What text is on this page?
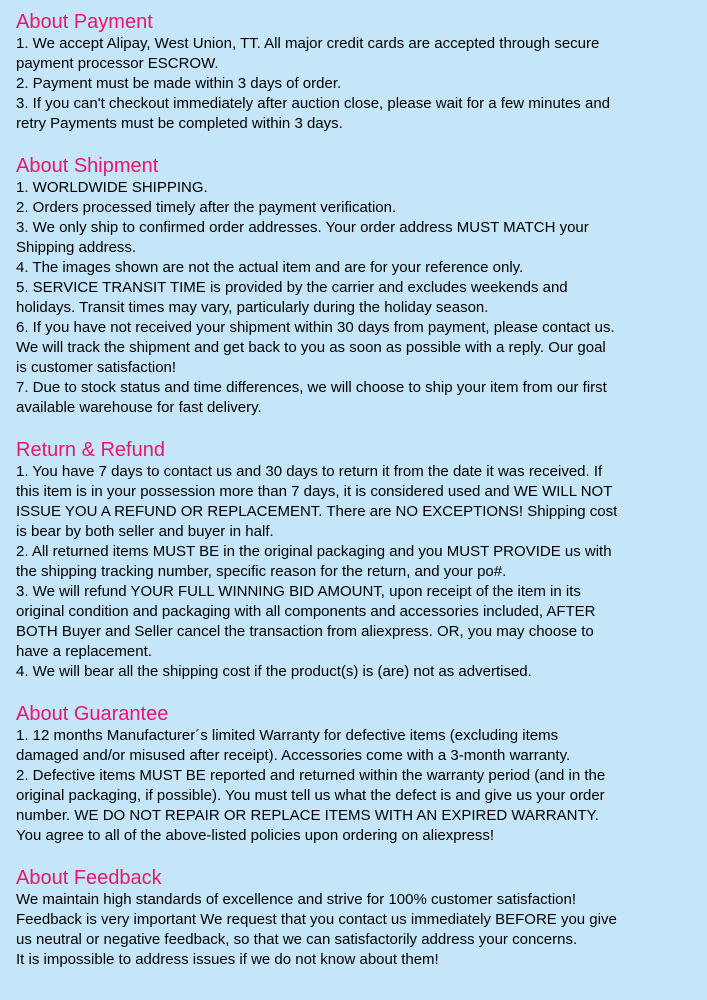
About Payment
1. We accept Alipay, West Union, TT. All major credit cards are accepted through secure
payment processor ESCROW.
2. Payment must be made within 3 days of order.
3. If you can't checkout immediately after auction close, please wait for a few minutes and
retry Payments must be completed within 3 days.
About Shipment
1. WORLDWIDE SHIPPING.
2. Orders processed timely after the payment verification.
3. We only ship to confirmed order addresses. Your order address MUST MATCH your
Shipping address.
4. The images shown are not the actual item and are for your reference only.
5. SERVICE TRANSIT TIME is provided by the carrier and excludes weekends and
holidays. Transit times may vary, particularly during the holiday season.
6. If you have not received your shipment within 30 days from payment, please contact us.
We will track the shipment and get back to you as soon as possible with a reply. Our goal
is customer satisfaction!
7. Due to stock status and time differences, we will choose to ship your item from our first
available warehouse for fast delivery.
Return & Refund
1. You have 7 days to contact us and 30 days to return it from the date it was received. If
this item is in your possession more than 7 days, it is considered used and WE WILL NOT
ISSUE YOU A REFUND OR REPLACEMENT. There are NO EXCEPTIONS! Shipping cost
is bear by both seller and buyer in half.
2. All returned items MUST BE in the original packaging and you MUST PROVIDE us with
the shipping tracking number, specific reason for the return, and your po#.
3. We will refund YOUR FULL WINNING BID AMOUNT, upon receipt of the item in its
original condition and packaging with all components and accessories included, AFTER
BOTH Buyer and Seller cancel the transaction from aliexpress. OR, you may choose to
have a replacement.
4. We will bear all the shipping cost if the product(s) is (are) not as advertised.
About Guarantee
1. 12 months Manufacturer´s limited Warranty for defective items (excluding items
damaged and/or misused after receipt). Accessories come with a 3-month warranty.
2. Defective items MUST BE reported and returned within the warranty period (and in the
original packaging, if possible). You must tell us what the defect is and give us your order
number. WE DO NOT REPAIR OR REPLACE ITEMS WITH AN EXPIRED WARRANTY.
You agree to all of the above-listed policies upon ordering on aliexpress!
About Feedback
We maintain high standards of excellence and strive for 100% customer satisfaction!
Feedback is very important We request that you contact us immediately BEFORE you give
us neutral or negative feedback, so that we can satisfactorily address your concerns.
It is impossible to address issues if we do not know about them!
